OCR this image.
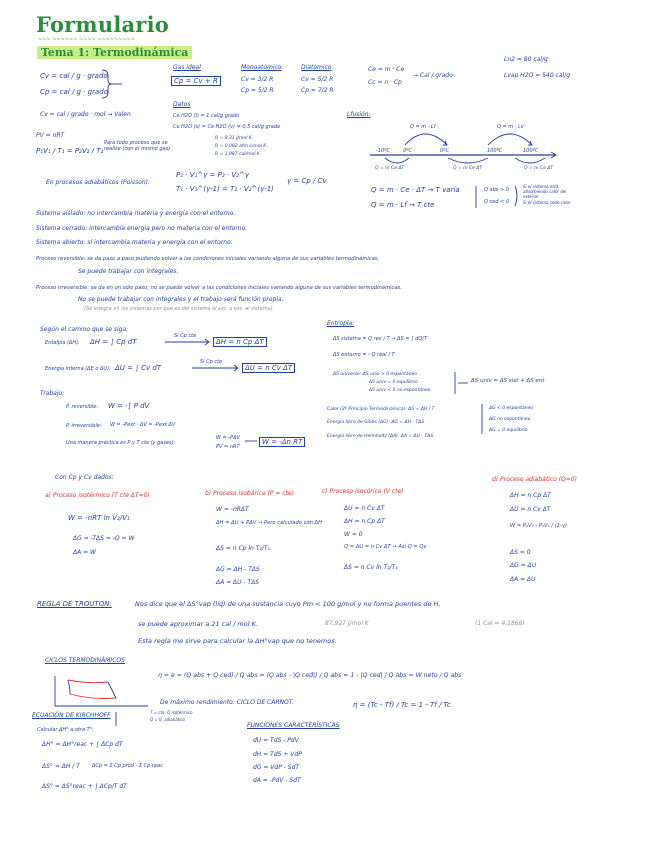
Formulario
~~~ ~~~~~~ ~~~~ ~~~~~~~~~
Tema 1: Termodinámica
Cv = cal / g · grado
Cp = cal / g · grado
Cv = cal / grado · mol → Valen
PV = nRT
P₁V₁ / T₁ = P₂V₂ / T₂
Para todo proceso que se realice (con el mismo gas)
Gas ideal
Cp = Cv + R
Monoatómico
Cv = 3/2 R
Cp = 5/2 R
Diatómico
Cv = 5/2 R
Cp = 7/2 R
Ce = m · Ce
Cc = n · Cp
→ Cal / grado
Ln2 = 80 cal/g
Lvap H2O = 540 cal/g
Datos
Ce H2O (l) = 1 cal/g grado
Ce H2O (s) = Ce H2O (v) = 0,5 cal/g grado
R = 8,31 J/mol K
R = 0,082 atm L/mol K
R = 1,987 cal/mol K
En procesos adiabáticos (Poisson):
P₁ · V₁^γ = P₂ · V₂^γ
T₁ · V₁^(γ-1) = T₂ · V₂^(γ-1)
γ = Cp / Cv
Lfusión:
Q = m · Lf	Q = m · Lv
-10ºC	0ºC	0ºC	100ºC	100ºC
Q = m Ce ΔT	Q = m Ce ΔT	Q = m Ce ΔT
Q = m · Ce · ΔT → T varía
Q = m · Lf → T cte
Q abs > 0
Q ced < 0
Si el sistema está absorbiendo calor del exterior
Si el sistema cede calor
Sistema aislado: no intercambia materia y energía con el entorno.
Sistema cerrado: intercambia energía pero no materia con el entorno.
Sistema abierto: sí intercambia materia y energía con el entorno.
Proceso reversible: se da paso a paso pudiendo volver a las condiciones iniciales variando alguna de sus variables termodinámicas.
Se puede trabajar con integrales.
Proceso irreversible: se da en un solo paso; no se puede volver a las condiciones iniciales variando alguna de sus variables termodinámicas.
No se puede trabajar con integrales y el trabajo será función propia.
(Se integra en los sistemas por que es del sistema al ext. o ext. al sistema)
Según el camino que se siga:
Entalpía (ΔH): ΔH = ∫ Cp dT
Si Cp cte
ΔH = n Cp ΔT
Energía Interna (ΔE o ΔU): ΔU = ∫ Cv dT
Si Cp cte
ΔU = n Cv ΔT
Trabajo:
P. reversible: W = -∫ P dV
P. irreversible: W = -Pext · ΔV = -Pext ΔV
Una manera práctica es P y T cte (y gases):
W = -PΔV
PV = nRT
W = -Δn RT
Entropía:
ΔS sistema = Q rev / T → ΔS = ∫ dQ/T
ΔS entorno = - Q real / T
ΔS universo: ΔS univ > 0 espontáneo
ΔS univ = 0 equilibrio
ΔS univ < 0 no espontáneo
ΔS univ = ΔS sist + ΔS ent
Calor (2º Principio Termodinámica): ΔS = ΔH / T
Energía libre de Gibbs (ΔG): ΔG = ΔH - TΔS
Energía libre de Helmholtz (ΔA): ΔA = ΔU - TΔS
ΔG < 0 espontáneo
ΔG no espontáneo
ΔG = 0 equilibrio
Con Cp y Cv dados:
a) Proceso isotérmico (T cte ΔT=0)
W = -nRT ln V₂/V₁
ΔG = -TΔS = -Q = W
ΔA = W
b) Proceso isobárico (P = cte)
W = -nRΔT
ΔH = ΔU + PΔV → Pero calculado con ΔH
ΔS = n Cp ln T₂/T₁
ΔG = ΔH - TΔS
ΔA = ΔU - TΔS
c) Proceso isocórico (V cte)
ΔU = n Cv ΔT
ΔH = n Cp ΔT
W = 0
Q = ΔU = n Cv ΔT → Así Q = Qv
ΔS = n Cv ln T₂/T₁
d) Proceso adiabático (Q=0)
ΔH = n Cp ΔT
ΔU = n Cv ΔT
W = P₂V₂ - P₁V₁ / (1-γ)
ΔS = 0
ΔG = ΔU
ΔA = ΔU
REGLA DE TROUTON:	Nos dice que el ΔS°vap (líq) de una sustancia cuyo Pm < 100 g/mol y no forma puentes de H,
se puede aproximar a 21 cal / mol K.	87,927 J/mol K	(1 Cal = 4,1868)
Esta regla me sirve para calcular la ΔH°vap que no tenemos.
CICLOS TERMODINÁMICOS
η = e = (Q abs + Q ced) / Q abs = (Q abs - |Q ced|) / Q abs = 1 - |Q ced| / Q abs = W neto / Q abs
De máximo rendimiento: CICLO DE CARNOT.	η = (Tc - Tf) / Tc = 1 - Tf / Tc
T = cte, Q isotérmico
Q = 0, adiabático
ECUACIÓN DE KIRCHHOFF
Calcular ΔH° a otra T°:
ΔH° = ΔH°reac + ∫ ΔCp dT
ΔS° = ΔH / T ΔCp = Σ Cp prod - Σ Cp reac
ΔS° = ΔS°reac + ∫ ΔCp/T dT
FUNCIONES CARACTERÍSTICAS
dU = TdS - PdV
dH = TdS + VdP
dG = VdP - SdT
dA = -PdV - SdT
